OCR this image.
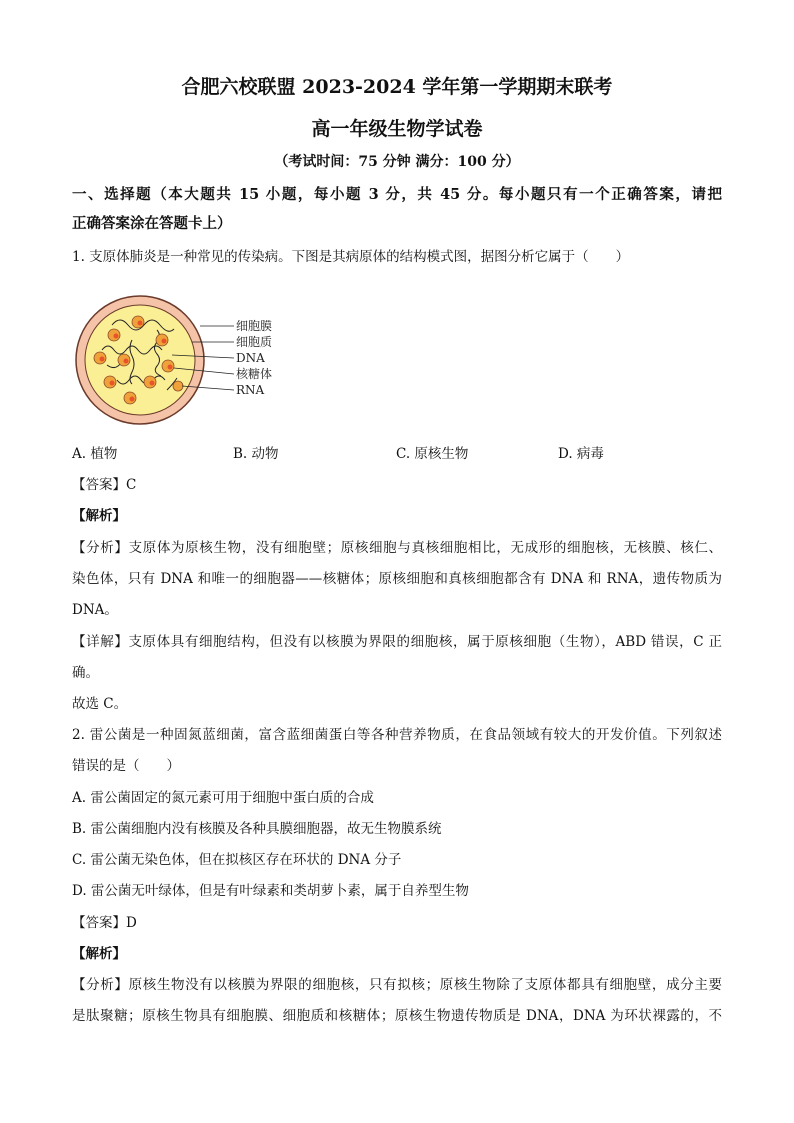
合肥六校联盟 2023-2024 学年第一学期期末联考
高一年级生物学试卷
（考试时间：75 分钟 满分：100 分）
一、选择题（本大题共 15 小题，每小题 3 分，共 45 分。每小题只有一个正确答案，请把
正确答案涂在答题卡上）
1. 支原体肺炎是一种常见的传染病。下图是其病原体的结构模式图，据图分析它属于（　　）
细胞膜
细胞质
DNA
核糖体
RNA
A. 植物	B. 动物	C. 原核生物	D. 病毒
【答案】C
【解析】
【分析】支原体为原核生物，没有细胞壁；原核细胞与真核细胞相比，无成形的细胞核，无核膜、核仁、
染色体，只有 DNA 和唯一的细胞器——核糖体；原核细胞和真核细胞都含有 DNA 和 RNA，遗传物质为
DNA。
【详解】支原体具有细胞结构，但没有以核膜为界限的细胞核，属于原核细胞（生物），ABD 错误，C 正
确。
故选 C。
2. 雷公菌是一种固氮蓝细菌，富含蓝细菌蛋白等各种营养物质，在食品领域有较大的开发价值。下列叙述
错误的是（　　）
A. 雷公菌固定的氮元素可用于细胞中蛋白质的合成
B. 雷公菌细胞内没有核膜及各种具膜细胞器，故无生物膜系统
C. 雷公菌无染色体，但在拟核区存在环状的 DNA 分子
D. 雷公菌无叶绿体，但是有叶绿素和类胡萝卜素，属于自养型生物
【答案】D
【解析】
【分析】原核生物没有以核膜为界限的细胞核，只有拟核；原核生物除了支原体都具有细胞壁，成分主要
是肽聚糖；原核生物具有细胞膜、细胞质和核糖体；原核生物遗传物质是 DNA，DNA 为环状裸露的，不
